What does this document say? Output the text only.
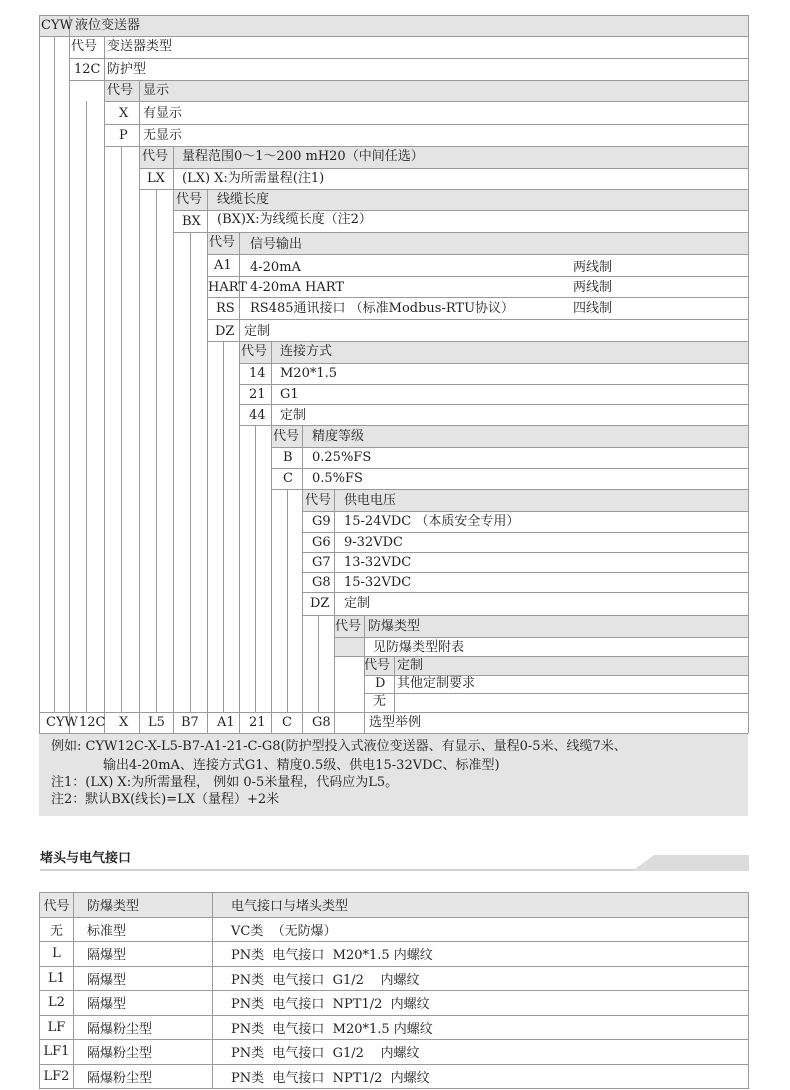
CYW 液位变送器
代号 变送器类型
12C 防护型
代号 显示
X 有显示
P 无显示
代号 量程范围0～1～200 mH20（中间任选）
LX (LX) X:为所需量程(注1)
代号 线缆长度
BX (BX)X:为线缆长度（注2）
代号 信号输出
A1 4-20mA	两线制
HART 4-20mA HART	两线制
RS RS485通讯接口 （标准Modbus-RTU协议）	四线制
DZ 定制
代号 连接方式
14 M20*1.5
21 G1
44 定制
代号 精度等级
B 0.25%FS
C 0.5%FS
代号 供电电压
G9 15-24VDC （本质安全专用）
G6 9-32VDC
G7 13-32VDC
G8 15-32VDC
DZ 定制
代号 防爆类型
见防爆类型附表
代号 定制
D 其他定制要求
无
CYW 12C X L5 B7 A1 21 C G8	选型举例
例如: CYW12C-X-L5-B7-A1-21-C-G8(防护型投入式液位变送器、有显示、量程0-5米、线缆7米、
输出4-20mA、连接方式G1、精度0.5级、供电15-32VDC、标准型)
注1：(LX) X:为所需量程， 例如 0-5米量程，代码应为L5。
注2：默认BX(线长)=LX（量程）+2米
堵头与电气接口
代号	防爆类型	电气接口与堵头类型
无	标准型	VC类  （无防爆）
L	隔爆型	PN类  电气接口  M20*1.5 内螺纹
L1	隔爆型	PN类  电气接口  G1/2    内螺纹
L2	隔爆型	PN类  电气接口  NPT1/2  内螺纹
LF	隔爆粉尘型	PN类  电气接口  M20*1.5 内螺纹
LF1	隔爆粉尘型	PN类  电气接口  G1/2    内螺纹
LF2	隔爆粉尘型	PN类  电气接口  NPT1/2  内螺纹
